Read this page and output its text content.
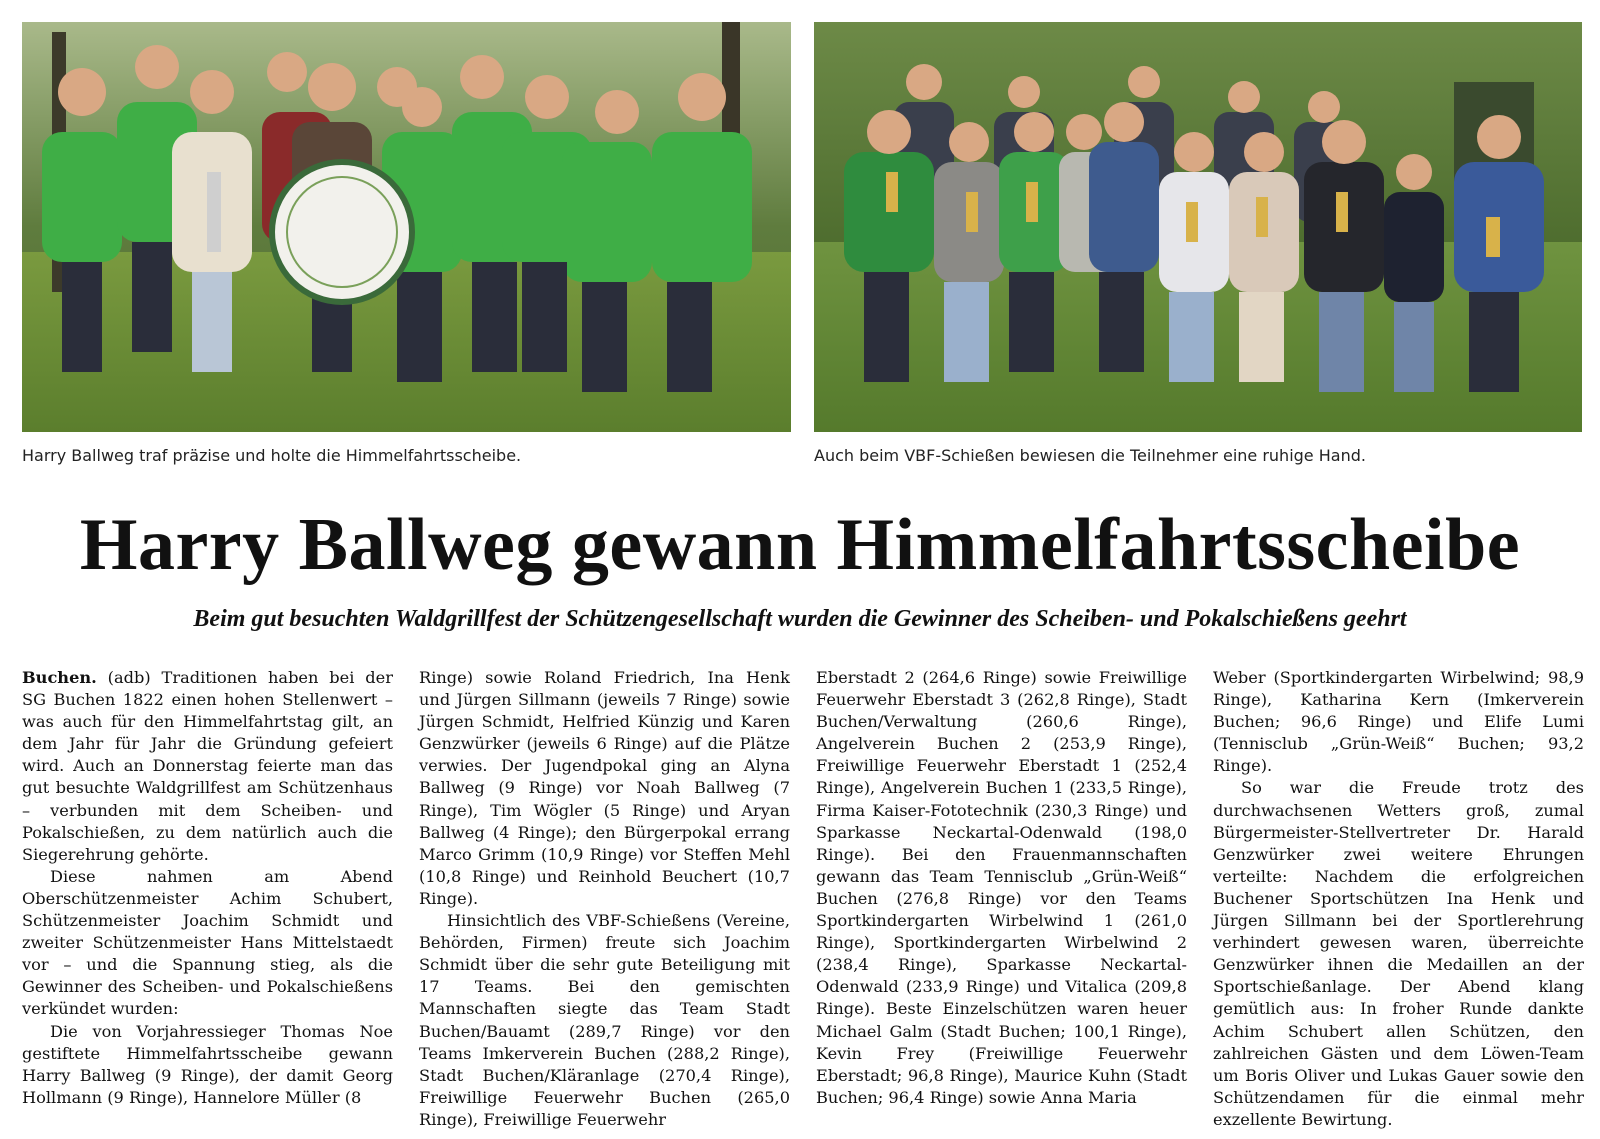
Harry Ballweg traf präzise und holte die Himmelfahrtsscheibe.	Auch beim VBF-Schießen bewiesen die Teilnehmer eine ruhige Hand.
Harry Ballweg gewann Himmelfahrtsscheibe
Beim gut besuchten Waldgrillfest der Schützengesellschaft wurden die Gewinner des Scheiben- und Pokalschießens geehrt

Buchen. (adb) Traditionen haben bei der SG Buchen 1822 einen hohen Stellenwert – was auch für den Himmelfahrtstag gilt, an dem Jahr für Jahr die Gründung gefeiert wird. Auch an Donnerstag feierte man das gut besuchte Waldgrillfest am Schützenhaus – verbunden mit dem Scheiben- und Pokalschießen, zu dem natürlich auch die Siegerehrung gehörte.

Diese nahmen am Abend Oberschützenmeister Achim Schubert, Schützenmeister Joachim Schmidt und zweiter Schützenmeister Hans Mittelstaedt vor – und die Spannung stieg, als die Gewinner des Scheiben- und Pokalschießens verkündet wurden:

Die von Vorjahressieger Thomas Noe gestiftete Himmelfahrtsscheibe gewann Harry Ballweg (9 Ringe), der damit Georg Hollmann (9 Ringe), Hannelore Müller (8

Ringe) sowie Roland Friedrich, Ina Henk und Jürgen Sillmann (jeweils 7 Ringe) sowie Jürgen Schmidt, Helfried Künzig und Karen Genzwürker (jeweils 6 Ringe) auf die Plätze verwies. Der Jugendpokal ging an Alyna Ballweg (9 Ringe) vor Noah Ballweg (7 Ringe), Tim Wögler (5 Ringe) und Aryan Ballweg (4 Ringe); den Bürgerpokal errang Marco Grimm (10,9 Ringe) vor Steffen Mehl (10,8 Ringe) und Reinhold Beuchert (10,7 Ringe).

Hinsichtlich des VBF-Schießens (Vereine, Behörden, Firmen) freute sich Joachim Schmidt über die sehr gute Beteiligung mit 17 Teams. Bei den gemischten Mannschaften siegte das Team Stadt Buchen/Bauamt (289,7 Ringe) vor den Teams Imkerverein Buchen (288,2 Ringe), Stadt Buchen/Kläranlage (270,4 Ringe), Freiwillige Feuerwehr Buchen (265,0 Ringe), Freiwillige Feuerwehr

Eberstadt 2 (264,6 Ringe) sowie Freiwillige Feuerwehr Eberstadt 3 (262,8 Ringe), Stadt Buchen/Verwaltung (260,6 Ringe), Angelverein Buchen 2 (253,9 Ringe), Freiwillige Feuerwehr Eberstadt 1 (252,4 Ringe), Angelverein Buchen 1 (233,5 Ringe), Firma Kaiser-Fototechnik (230,3 Ringe) und Sparkasse Neckartal-Odenwald (198,0 Ringe). Bei den Frauenmannschaften gewann das Team Tennisclub „Grün-Weiß“ Buchen (276,8 Ringe) vor den Teams Sportkindergarten Wirbelwind 1 (261,0 Ringe), Sportkindergarten Wirbelwind 2 (238,4 Ringe), Sparkasse Neckartal-Odenwald (233,9 Ringe) und Vitalica (209,8 Ringe). Beste Einzelschützen waren heuer Michael Galm (Stadt Buchen; 100,1 Ringe), Kevin Frey (Freiwillige Feuerwehr Eberstadt; 96,8 Ringe), Maurice Kuhn (Stadt Buchen; 96,4 Ringe) sowie Anna Maria

Weber (Sportkindergarten Wirbelwind; 98,9 Ringe), Katharina Kern (Imkerverein Buchen; 96,6 Ringe) und Elife Lumi (Tennisclub „Grün-Weiß“ Buchen; 93,2 Ringe).

So war die Freude trotz des durchwachsenen Wetters groß, zumal Bürgermeister-Stellvertreter Dr. Harald Genzwürker zwei weitere Ehrungen verteilte: Nachdem die erfolgreichen Buchener Sportschützen Ina Henk und Jürgen Sillmann bei der Sportlerehrung verhindert gewesen waren, überreichte Genzwürker ihnen die Medaillen an der Sportschießanlage. Der Abend klang gemütlich aus: In froher Runde dankte Achim Schubert allen Schützen, den zahlreichen Gästen und dem Löwen-Team um Boris Oliver und Lukas Gauer sowie den Schützendamen für die einmal mehr exzellente Bewirtung.
